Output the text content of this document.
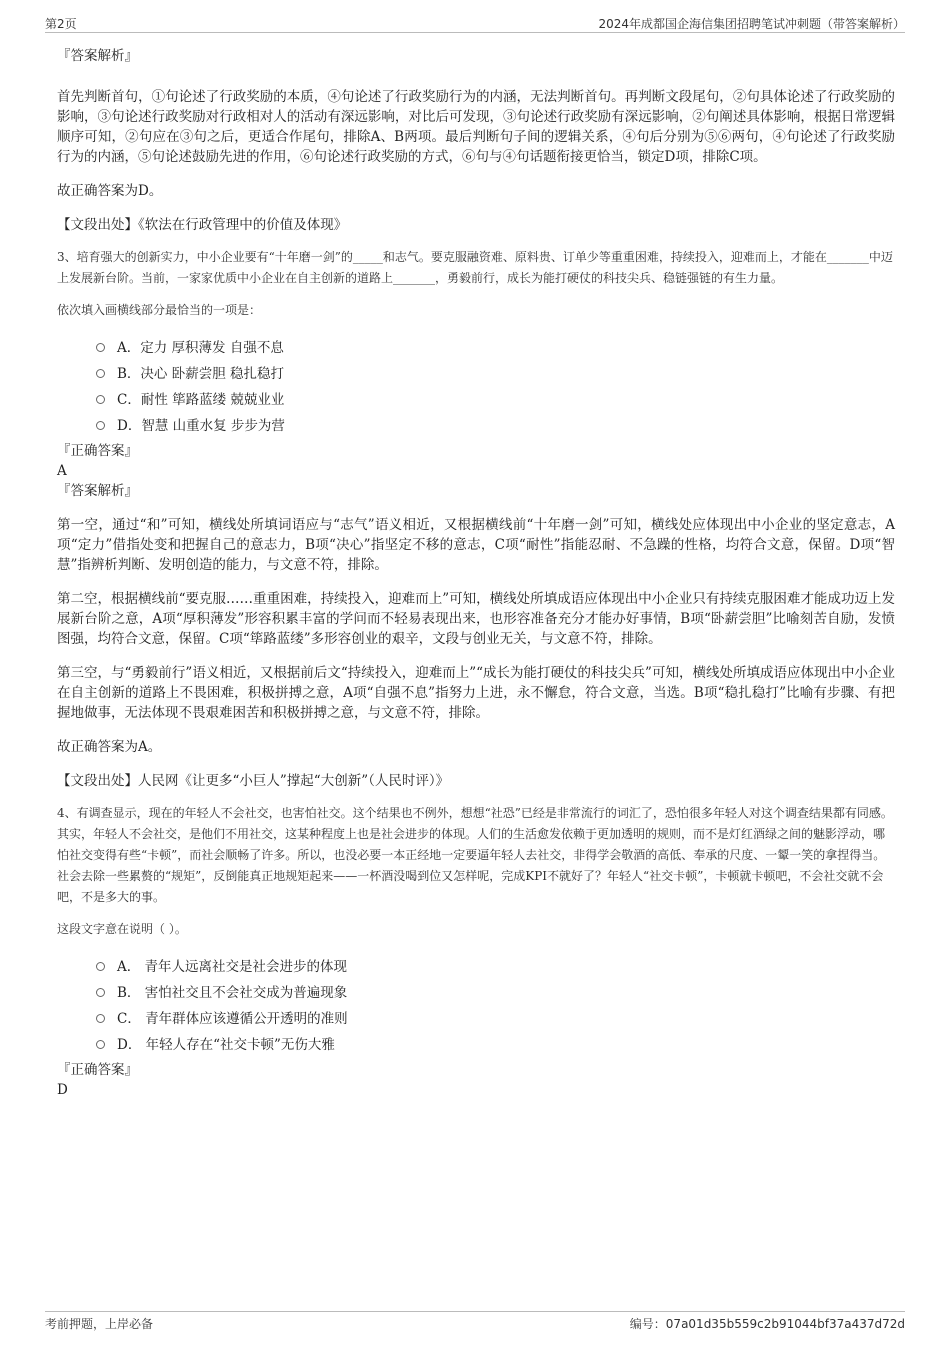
第2页	2024年成都国企海信集团招聘笔试冲刺题（带答案解析）

『答案解析』

首先判断首句，①句论述了行政奖励的本质，④句论述了行政奖励行为的内涵，无法判断首句。再判断文段尾句，②句具体论述了行政奖励的影响，③句论述行政奖励对行政相对人的活动有深远影响，对比后可发现，③句论述行政奖励有深远影响，②句阐述具体影响，根据日常逻辑顺序可知，②句应在③句之后，更适合作尾句，排除A、B两项。最后判断句子间的逻辑关系，④句后分别为⑤⑥两句，④句论述了行政奖励行为的内涵，⑤句论述鼓励先进的作用，⑥句论述行政奖励的方式，⑥句与④句话题衔接更恰当，锁定D项，排除C项。

故正确答案为D。

【文段出处】《软法在行政管理中的价值及体现》

3、培育强大的创新实力，中小企业要有“十年磨一剑”的_____和志气。要克服融资难、原料贵、订单少等重重困难，持续投入，迎难而上，才能在_______中迈上发展新台阶。当前，一家家优质中小企业在自主创新的道路上_______，勇毅前行，成长为能打硬仗的科技尖兵、稳链强链的有生力量。

依次填入画横线部分最恰当的一项是：

A．定力 厚积薄发 自强不息

B．决心 卧薪尝胆 稳扎稳打

C．耐性 筚路蓝缕 兢兢业业

D．智慧 山重水复 步步为营

『正确答案』

A

『答案解析』

第一空，通过“和”可知，横线处所填词语应与“志气”语义相近，又根据横线前“十年磨一剑”可知，横线处应体现出中小企业的坚定意志，A项“定力”借指处变和把握自己的意志力，B项“决心”指坚定不移的意志，C项“耐性”指能忍耐、不急躁的性格，均符合文意，保留。D项“智慧”指辨析判断、发明创造的能力，与文意不符，排除。

第二空，根据横线前“要克服……重重困难，持续投入，迎难而上”可知，横线处所填成语应体现出中小企业只有持续克服困难才能成功迈上发展新台阶之意，A项“厚积薄发”形容积累丰富的学问而不轻易表现出来，也形容准备充分才能办好事情，B项“卧薪尝胆”比喻刻苦自励，发愤图强，均符合文意，保留。C项“筚路蓝缕”多形容创业的艰辛，文段与创业无关，与文意不符，排除。

第三空，与“勇毅前行”语义相近，又根据前后文“持续投入，迎难而上”“成长为能打硬仗的科技尖兵”可知，横线处所填成语应体现出中小企业在自主创新的道路上不畏困难，积极拼搏之意，A项“自强不息”指努力上进，永不懈怠，符合文意，当选。B项“稳扎稳打”比喻有步骤、有把握地做事，无法体现不畏艰难困苦和积极拼搏之意，与文意不符，排除。

故正确答案为A。

【文段出处】人民网《让更多“小巨人”撑起“大创新”（人民时评）》

4、有调查显示，现在的年轻人不会社交，也害怕社交。这个结果也不例外，想想“社恐”已经是非常流行的词汇了，恐怕很多年轻人对这个调查结果都有同感。其实，年轻人不会社交，是他们不用社交，这某种程度上也是社会进步的体现。人们的生活愈发依赖于更加透明的规则，而不是灯红酒绿之间的魅影浮动，哪怕社交变得有些“卡顿”，而社会顺畅了许多。所以，也没必要一本正经地一定要逼年轻人去社交，非得学会敬酒的高低、奉承的尺度、一颦一笑的拿捏得当。社会去除一些累赘的“规矩”，反倒能真正地规矩起来——一杯酒没喝到位又怎样呢，完成KPI不就好了？年轻人“社交卡顿”，卡顿就卡顿吧，不会社交就不会吧，不是多大的事。

这段文字意在说明（ ）。

A． 青年人远离社交是社会进步的体现

B． 害怕社交且不会社交成为普遍现象

C． 青年群体应该遵循公开透明的准则

D． 年轻人存在“社交卡顿”无伤大雅

『正确答案』

D

考前押题，上岸必备	编号：07a01d35b559c2b91044bf37a437d72d
